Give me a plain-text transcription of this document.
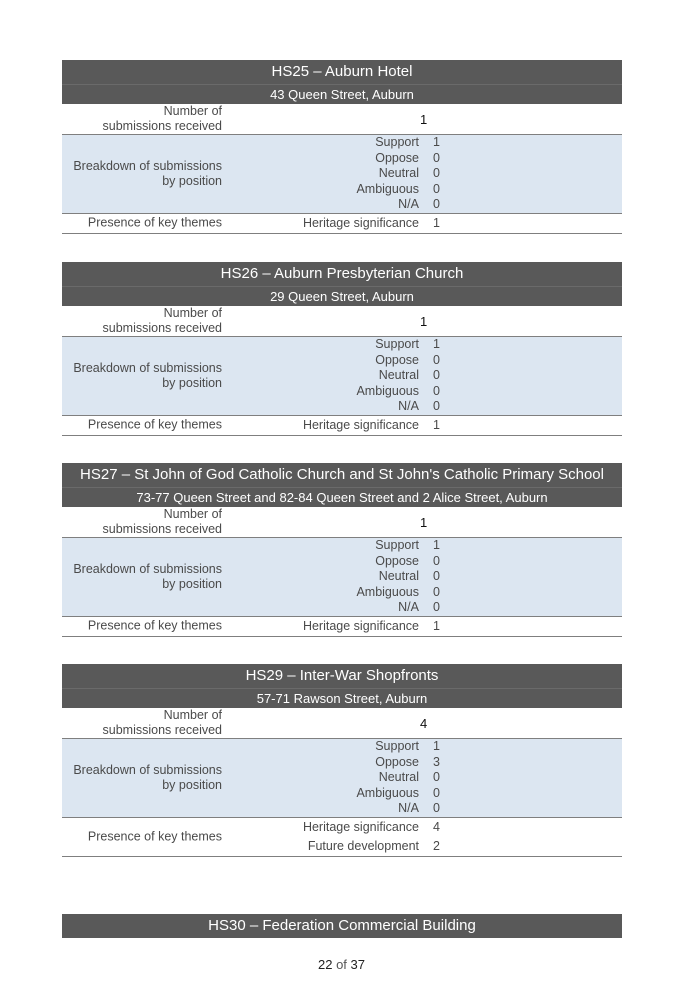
HS25 – Auburn Hotel
43 Queen Street, Auburn
Number of
submissions received	1
Breakdown of submissions
by position
Support 1
Oppose 0
Neutral 0
Ambiguous 0
N/A 0
Presence of key themes	Heritage significance 1
HS26 – Auburn Presbyterian Church
29 Queen Street, Auburn
Number of
submissions received	1
Breakdown of submissions
by position
Support 1
Oppose 0
Neutral 0
Ambiguous 0
N/A 0
Presence of key themes	Heritage significance 1
HS27 – St John of God Catholic Church and St John's Catholic Primary School
73-77 Queen Street and 82-84 Queen Street and 2 Alice Street, Auburn
Number of
submissions received	1
Breakdown of submissions
by position
Support 1
Oppose 0
Neutral 0
Ambiguous 0
N/A 0
Presence of key themes	Heritage significance 1
HS29 – Inter-War Shopfronts
57-71 Rawson Street, Auburn
Number of
submissions received	4
Breakdown of submissions
by position
Support 1
Oppose 3
Neutral 0
Ambiguous 0
N/A 0
Presence of key themes
Heritage significance 4
Future development 2
HS30 – Federation Commercial Building
22 of 37
